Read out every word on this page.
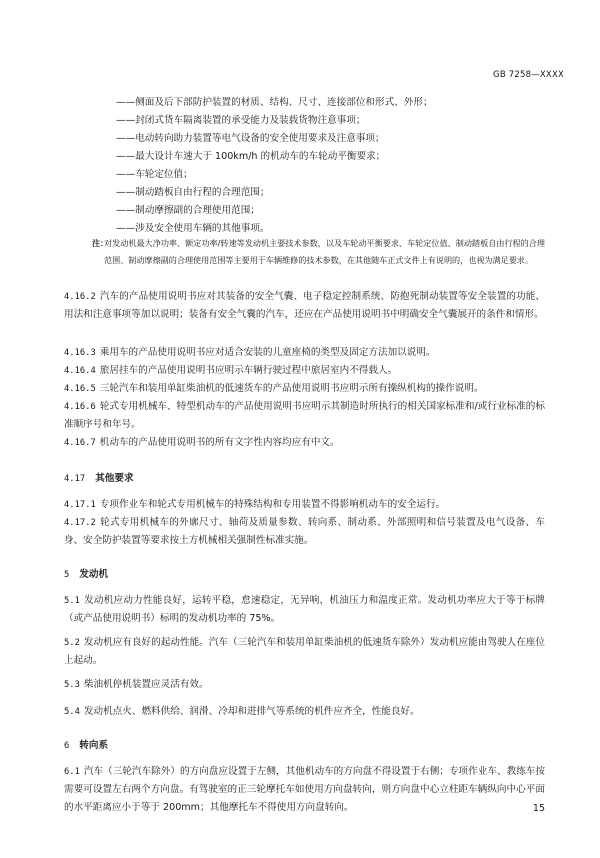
GB 7258—XXXX
——侧面及后下部防护装置的材质、结构、尺寸、连接部位和形式、外形；
——封闭式货车隔离装置的承受能力及装载货物注意事项；
——电动转向助力装置等电气设备的安全使用要求及注意事项；
——最大设计车速大于 100km/h 的机动车的车轮动平衡要求；
——车轮定位值；
——制动踏板自由行程的合理范围；
——制动摩擦副的合理使用范围；
——涉及安全使用车辆的其他事项。
注：
对发动机最大净功率、额定功率/转速等发动机主要技术参数，以及车轮动平衡要求、车轮定位值、制动踏板自由行程的合理范围、制动摩擦副的合理使用范围等主要用于车辆维修的技术参数，在其他随车正式文件上有说明的，也视为满足要求。
4.16.2 汽车的产品使用说明书应对其装备的安全气囊、电子稳定控制系统、防抱死制动装置等安全装置的功能、用法和注意事项等加以说明；装备有安全气囊的汽车，还应在产品使用说明书中明确安全气囊展开的条件和情形。
4.16.3 乘用车的产品使用说明书应对适合安装的儿童座椅的类型及固定方法加以说明。
4.16.4 旅居挂车的产品使用说明书应明示车辆行驶过程中旅居室内不得载人。
4.16.5 三轮汽车和装用单缸柴油机的低速货车的产品使用说明书应明示所有操纵机构的操作说明。
4.16.6 轮式专用机械车、特型机动车的产品使用说明书应明示其制造时所执行的相关国家标准和/或行业标准的标准顺序号和年号。
4.16.7 机动车的产品使用说明书的所有文字性内容均应有中文。
4.17 其他要求
4.17.1 专项作业车和轮式专用机械车的特殊结构和专用装置不得影响机动车的安全运行。
4.17.2 轮式专用机械车的外廓尺寸、轴荷及质量参数、转向系、制动系、外部照明和信号装置及电气设备、车身、安全防护装置等要求按土方机械相关强制性标准实施。
5 发动机
5.1 发动机应动力性能良好，运转平稳，怠速稳定，无异响，机油压力和温度正常。发动机功率应大于等于标牌（或产品使用说明书）标明的发动机功率的 75%。
5.2 发动机应有良好的起动性能。汽车（三轮汽车和装用单缸柴油机的低速货车除外）发动机应能由驾驶人在座位上起动。
5.3 柴油机停机装置应灵活有效。
5.4 发动机点火、燃料供给、润滑、冷却和进排气等系统的机件应齐全，性能良好。
6 转向系
6.1 汽车（三轮汽车除外）的方向盘应设置于左侧，其他机动车的方向盘不得设置于右侧；专项作业车、教练车按需要可设置左右两个方向盘。有驾驶室的正三轮摩托车如使用方向盘转向，则方向盘中心立柱距车辆纵向中心平面的水平距离应小于等于 200mm；其他摩托车不得使用方向盘转向。	15
